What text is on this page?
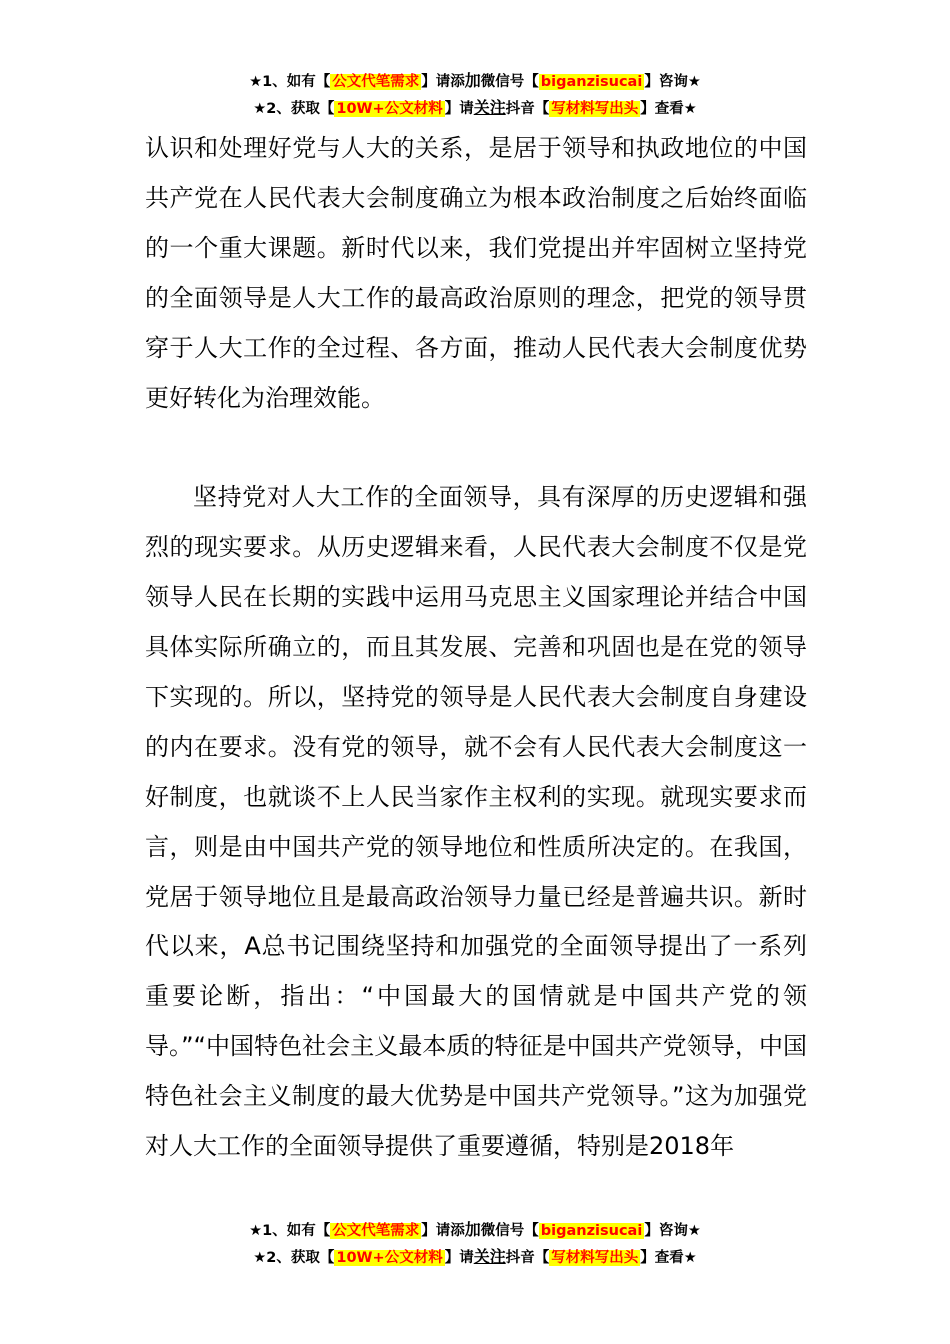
★1、如有【 公文代笔需求 】请添加微信号【 biganzisucai 】咨询★
★2、获取【 10W+公文材料 】请关注抖音【 写材料写出头 】查看★

认识和处理好党与人大的关系，是居于领导和执政地位的中国共产党在人民代表大会制度确立为根本政治制度之后始终面临的一个重大课题。新时代以来，我们党提出并牢固树立坚持党的全面领导是人大工作的最高政治原则的理念，把党的领导贯穿于人大工作的全过程、各方面，推动人民代表大会制度优势更好转化为治理效能。

坚持党对人大工作的全面领导，具有深厚的历史逻辑和强烈的现实要求。从历史逻辑来看，人民代表大会制度不仅是党领导人民在长期的实践中运用马克思主义国家理论并结合中国具体实际所确立的，而且其发展、完善和巩固也是在党的领导下实现的。所以，坚持党的领导是人民代表大会制度自身建设的内在要求。没有党的领导，就不会有人民代表大会制度这一好制度，也就谈不上人民当家作主权利的实现。就现实要求而言，则是由中国共产党的领导地位和性质所决定的。在我国，党居于领导地位且是最高政治领导力量已经是普遍共识。新时代以来，A总书记围绕坚持和加强党的全面领导提出了一系列重要论断，指出：“中国最大的国情就是中国共产党的领导。”“中国特色社会主义最本质的特征是中国共产党领导，中国特色社会主义制度的最大优势是中国共产党领导。”这为加强党对人大工作的全面领导提供了重要遵循，特别是2018年

★1、如有【 公文代笔需求 】请添加微信号【 biganzisucai 】咨询★
★2、获取【 10W+公文材料 】请关注抖音【 写材料写出头 】查看★
